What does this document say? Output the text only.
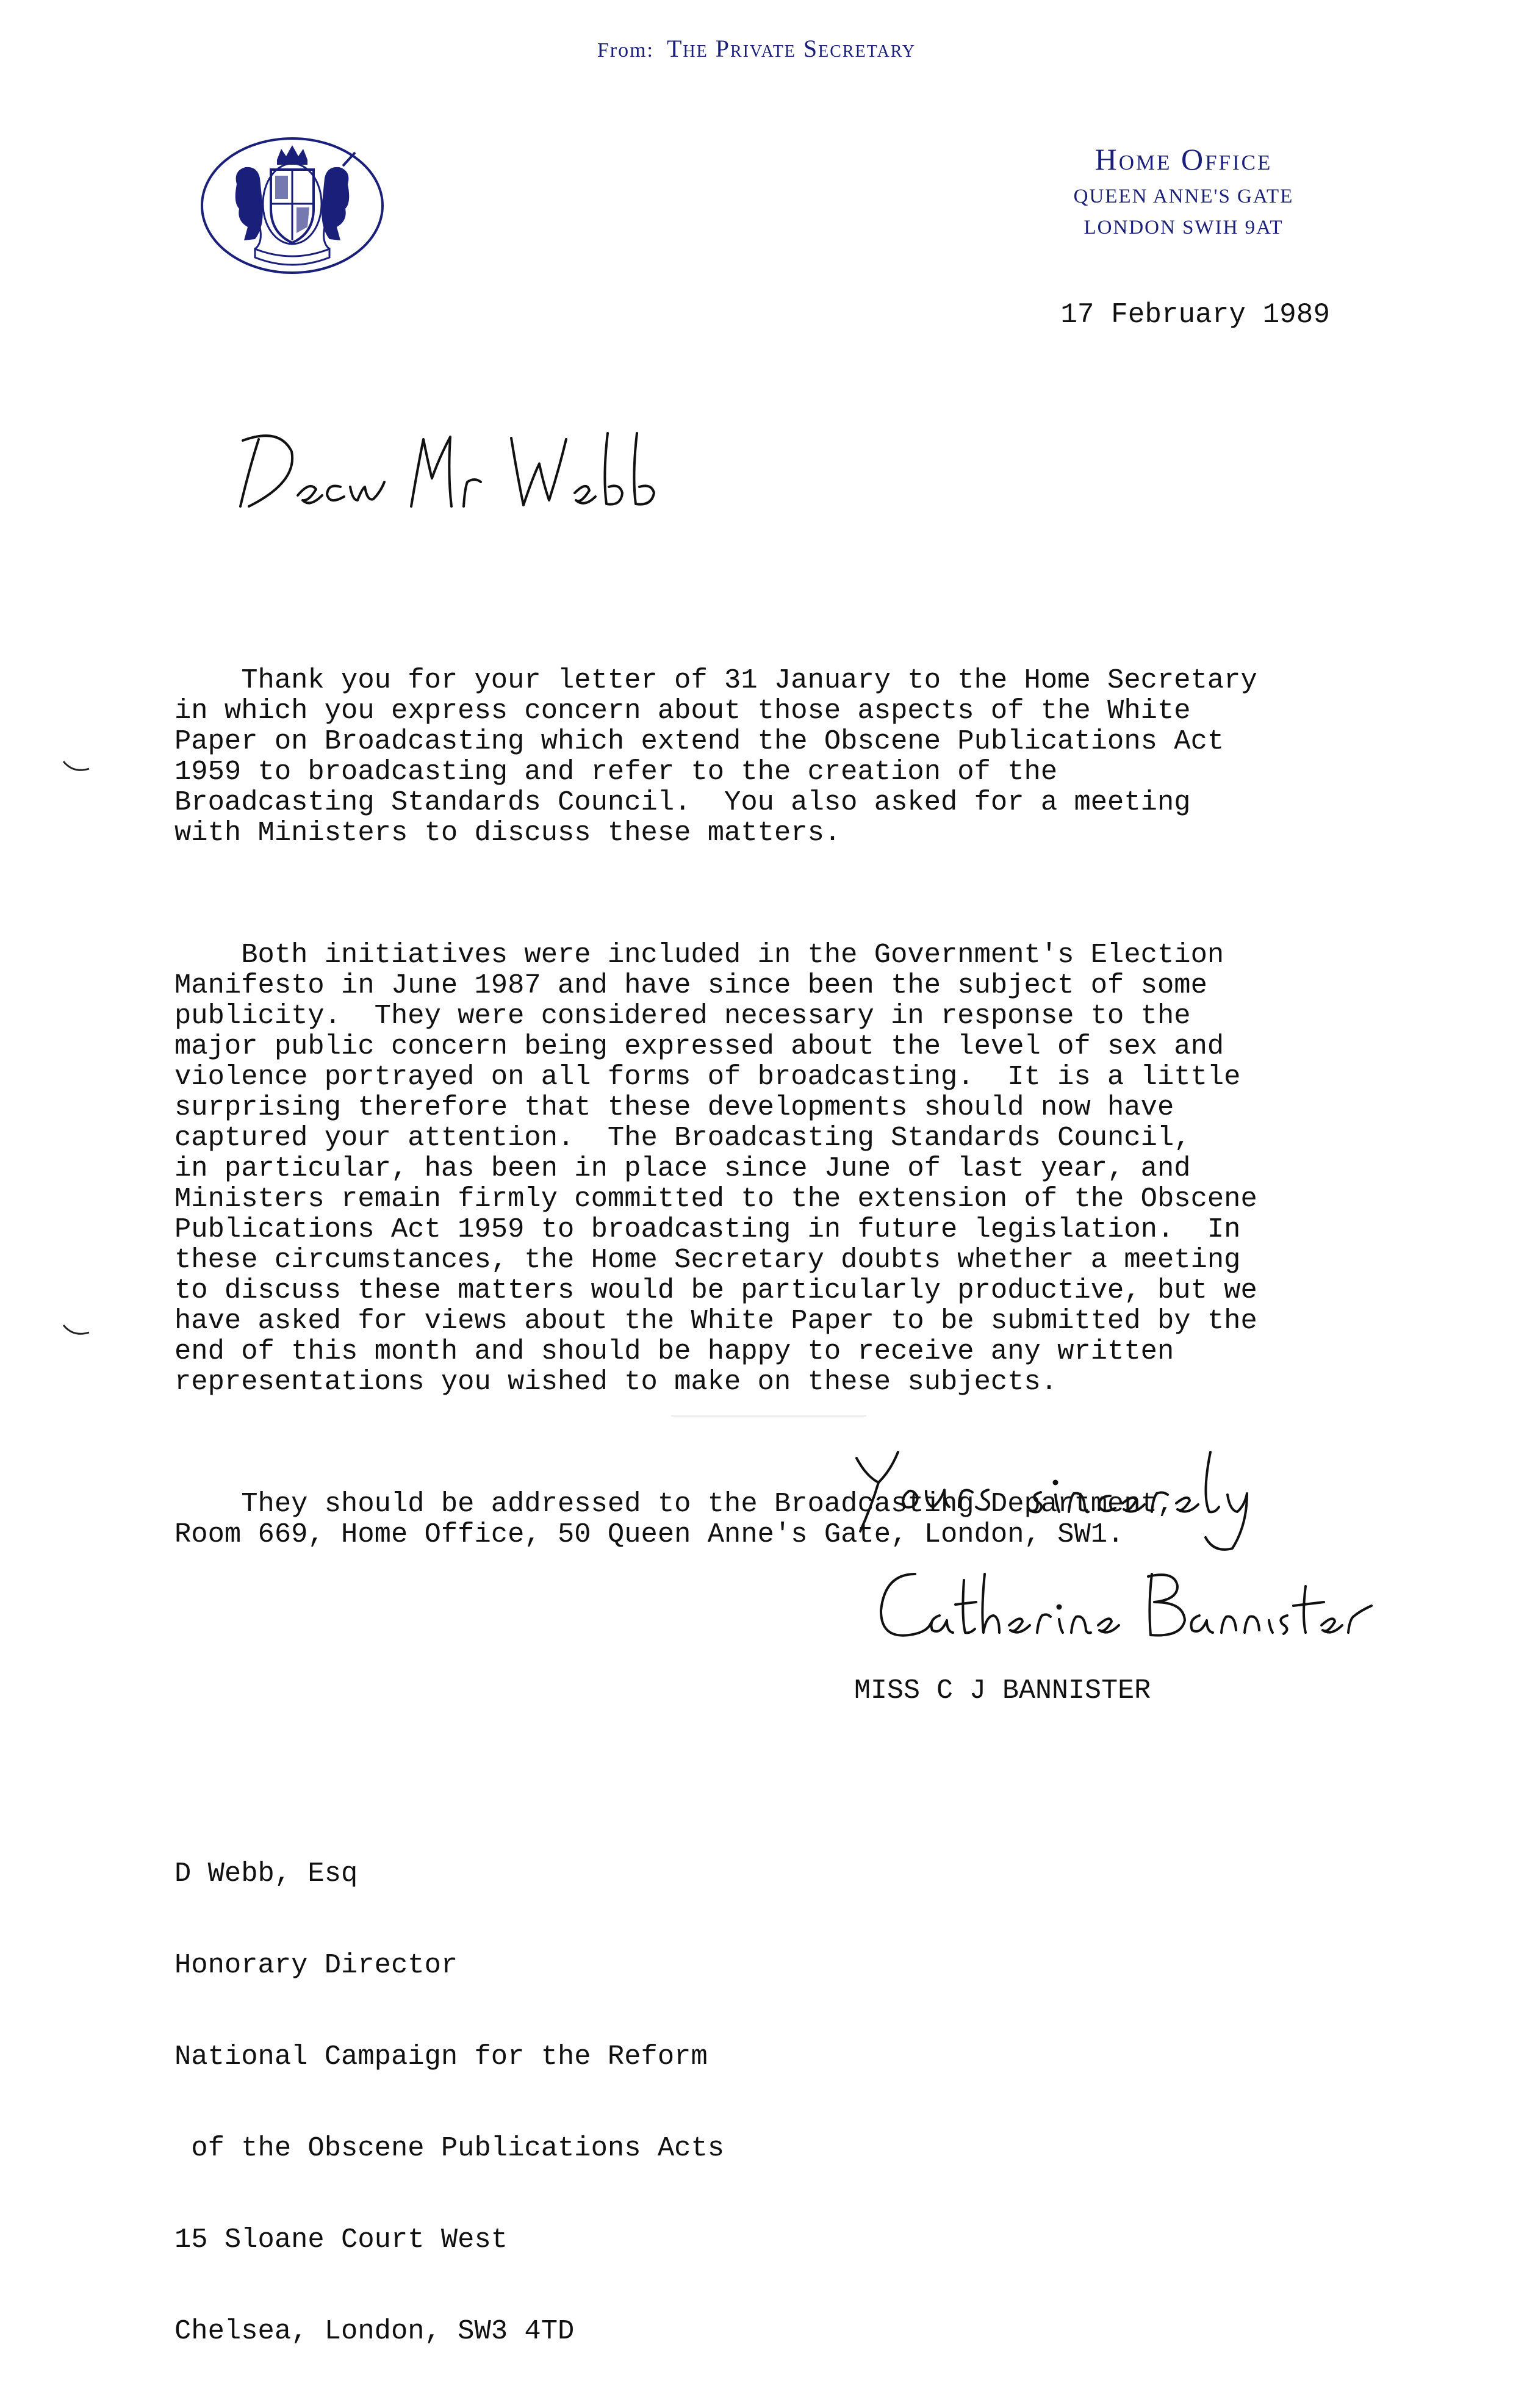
From: The Private Secretary
Home Office
QUEEN ANNE'S GATE
LONDON SWIH 9AT
17 February 1989

Thank you for your letter of 31 January to the Home Secretary
in which you express concern about those aspects of the White
Paper on Broadcasting which extend the Obscene Publications Act
1959 to broadcasting and refer to the creation of the
Broadcasting Standards Council.  You also asked for a meeting
with Ministers to discuss these matters.

Both initiatives were included in the Government's Election
Manifesto in June 1987 and have since been the subject of some
publicity.  They were considered necessary in response to the
major public concern being expressed about the level of sex and
violence portrayed on all forms of broadcasting.  It is a little
surprising therefore that these developments should now have
captured your attention.  The Broadcasting Standards Council,
in particular, has been in place since June of last year, and
Ministers remain firmly committed to the extension of the Obscene
Publications Act 1959 to broadcasting in future legislation.  In
these circumstances, the Home Secretary doubts whether a meeting
to discuss these matters would be particularly productive, but we
have asked for views about the White Paper to be submitted by the
end of this month and should be happy to receive any written
representations you wished to make on these subjects.

They should be addressed to the Broadcasting Department,
Room 669, Home Office, 50 Queen Anne's Gate, London, SW1.

MISS C J BANNISTER

D Webb, Esq

Honorary Director

National Campaign for the Reform

of the Obscene Publications Acts

15 Sloane Court West

Chelsea, London, SW3 4TD
